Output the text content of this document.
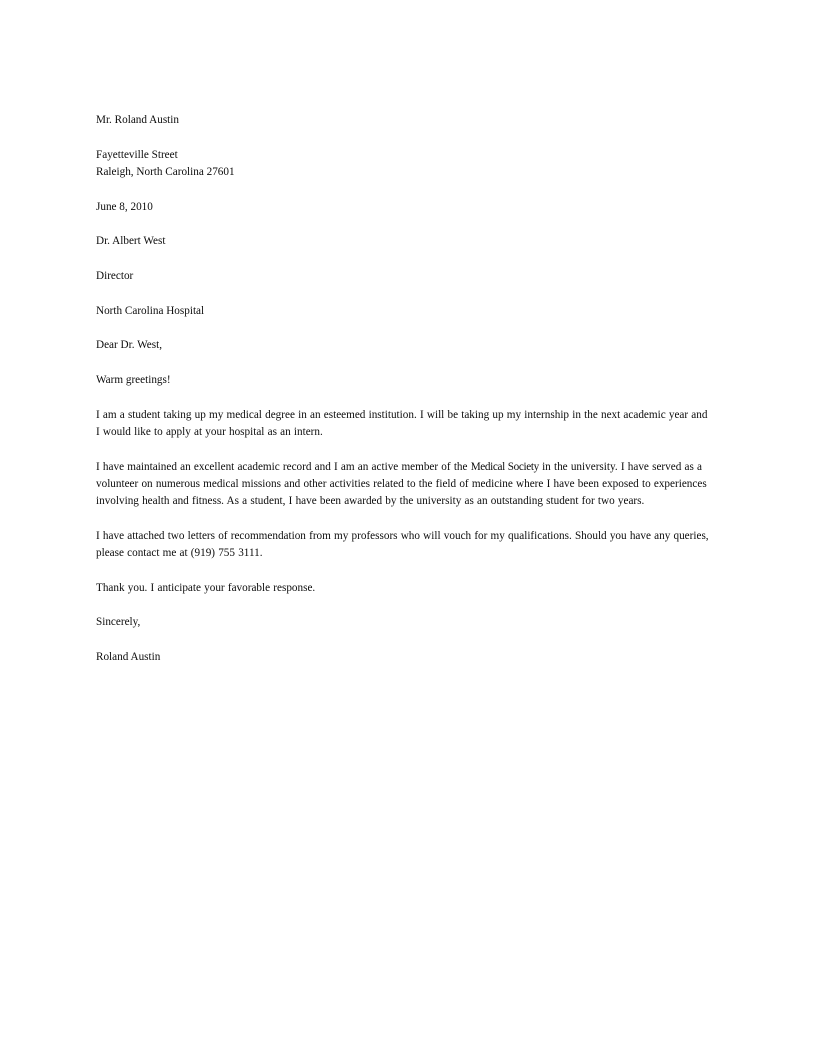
Mr. Roland Austin
Fayetteville Street
Raleigh, North Carolina 27601
June 8, 2010
Dr. Albert West
Director
North Carolina Hospital
Dear Dr. West,
Warm greetings!

I am a student taking up my medical degree in an esteemed institution. I will be taking up my internship in the next academic year and I would like to apply at your hospital as an intern.

I have maintained an excellent academic record and I am an active member of the Medical Society in the university. I have served as a volunteer on numerous medical missions and other activities related to the field of medicine where I have been exposed to experiences involving health and fitness. As a student, I have been awarded by the university as an outstanding student for two years.

I have attached two letters of recommendation from my professors who will vouch for my qualifications. Should you have any queries, please contact me at (919) 755 3111.

Thank you. I anticipate your favorable response.

Sincerely,
Roland Austin
